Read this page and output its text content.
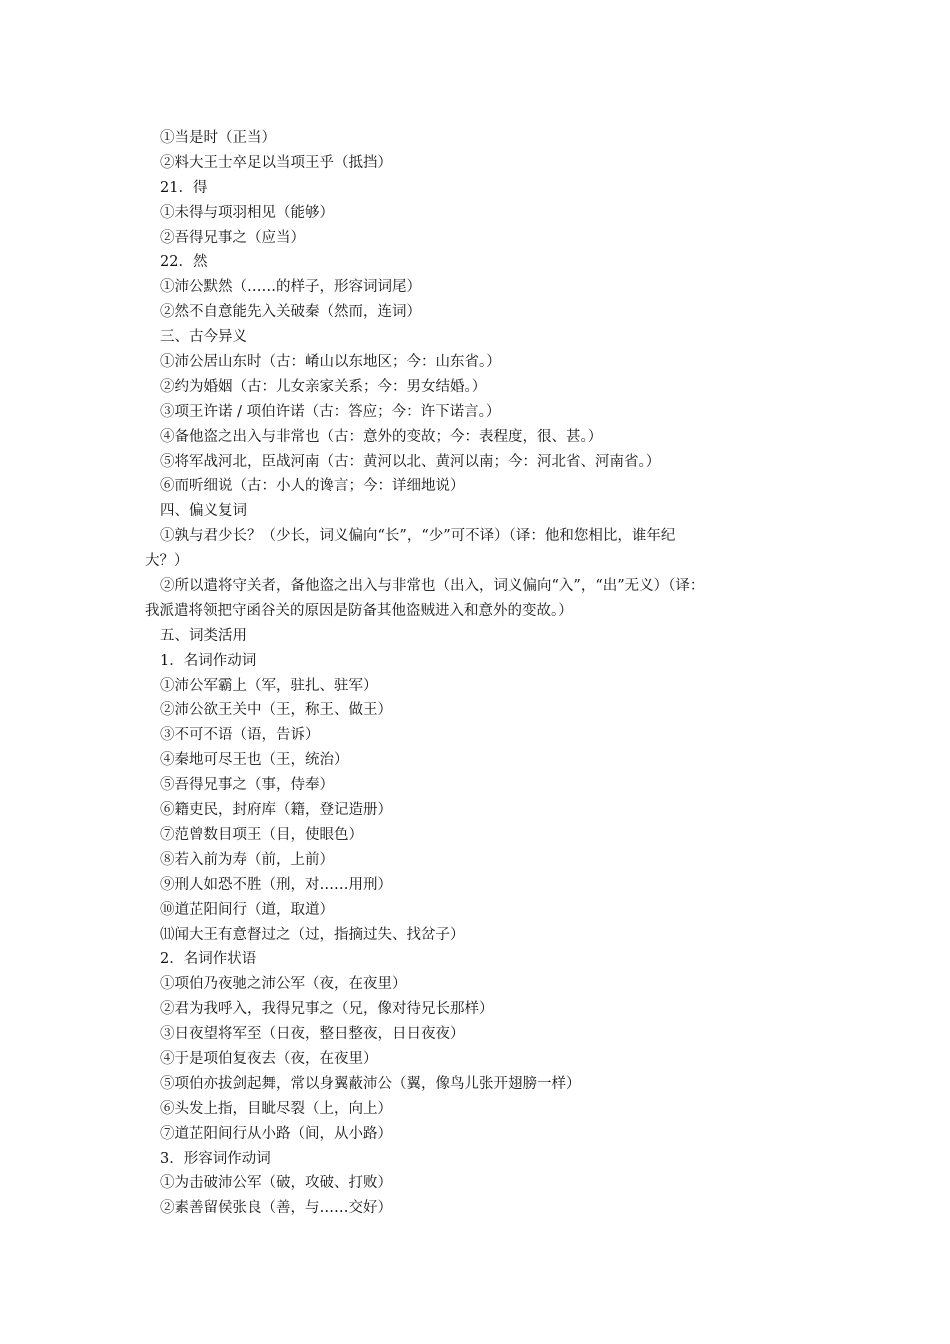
①当是时（正当）
②料大王士卒足以当项王乎（抵挡）
21．得
①未得与项羽相见（能够）
②吾得兄事之（应当）
22．然
①沛公默然（……的样子，形容词词尾）
②然不自意能先入关破秦（然而，连词）
三、古今异义
①沛公居山东时（古：崤山以东地区；今：山东省。）
②约为婚姻（古：儿女亲家关系；今：男女结婚。）
③项王许诺 / 项伯许诺（古：答应；今：许下诺言。）
④备他盗之出入与非常也（古：意外的变故；今：表程度，很、甚。）
⑤将军战河北，臣战河南（古：黄河以北、黄河以南；今：河北省、河南省。）
⑥而听细说（古：小人的谗言；今：详细地说）
四、偏义复词
①孰与君少长？（少长，词义偏向“长”，“少”可不译）（译：他和您相比，谁年纪
大？）
②所以遣将守关者，备他盗之出入与非常也（出入，词义偏向“入”，“出”无义）（译：
我派遣将领把守函谷关的原因是防备其他盗贼进入和意外的变故。）
五、词类活用
1．名词作动词
①沛公军霸上（军，驻扎、驻军）
②沛公欲王关中（王，称王、做王）
③不可不语（语，告诉）
④秦地可尽王也（王，统治）
⑤吾得兄事之（事，侍奉）
⑥籍吏民，封府库（籍，登记造册）
⑦范曾数目项王（目，使眼色）
⑧若入前为寿（前，上前）
⑨刑人如恐不胜（刑，对……用刑）
⑩道芷阳间行（道，取道）
⑾闻大王有意督过之（过，指摘过失、找岔子）
2．名词作状语
①项伯乃夜驰之沛公军（夜，在夜里）
②君为我呼入，我得兄事之（兄，像对待兄长那样）
③日夜望将军至（日夜，整日整夜，日日夜夜）
④于是项伯复夜去（夜，在夜里）
⑤项伯亦拔剑起舞，常以身翼蔽沛公（翼，像鸟儿张开翅膀一样）
⑥头发上指，目眦尽裂（上，向上）
⑦道芷阳间行从小路（间，从小路）
3．形容词作动词
①为击破沛公军（破，攻破、打败）
②素善留侯张良（善，与……交好）
